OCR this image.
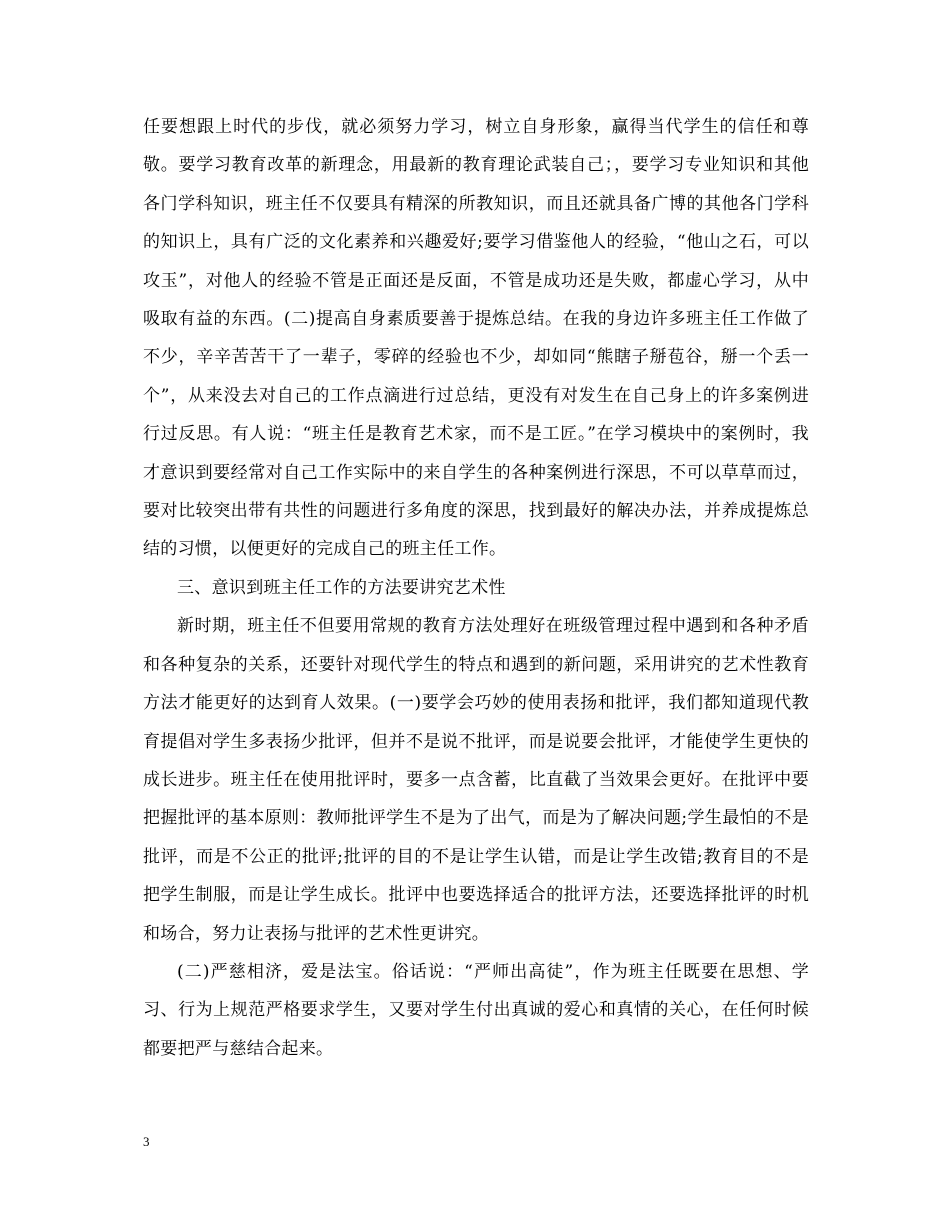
任要想跟上时代的步伐，就必须努力学习，树立自身形象，赢得当代学生的信任和尊敬。要学习教育改革的新理念，用最新的教育理论武装自己；，要学习专业知识和其他各门学科知识，班主任不仅要具有精深的所教知识，而且还就具备广博的其他各门学科的知识上，具有广泛的文化素养和兴趣爱好;要学习借鉴他人的经验，“他山之石，可以攻玉”，对他人的经验不管是正面还是反面，不管是成功还是失败，都虚心学习，从中吸取有益的东西。(二)提高自身素质要善于提炼总结。在我的身边许多班主任工作做了不少，辛辛苦苦干了一辈子，零碎的经验也不少，却如同“熊瞎子掰苞谷，掰一个丢一个”，从来没去对自己的工作点滴进行过总结，更没有对发生在自己身上的许多案例进行过反思。有人说：“班主任是教育艺术家，而不是工匠。”在学习模块中的案例时，我才意识到要经常对自己工作实际中的来自学生的各种案例进行深思，不可以草草而过，要对比较突出带有共性的问题进行多角度的深思，找到最好的解决办法，并养成提炼总结的习惯，以便更好的完成自己的班主任工作。

三、意识到班主任工作的方法要讲究艺术性

新时期，班主任不但要用常规的教育方法处理好在班级管理过程中遇到和各种矛盾和各种复杂的关系，还要针对现代学生的特点和遇到的新问题，采用讲究的艺术性教育方法才能更好的达到育人效果。(一)要学会巧妙的使用表扬和批评，我们都知道现代教育提倡对学生多表扬少批评，但并不是说不批评，而是说要会批评，才能使学生更快的成长进步。班主任在使用批评时，要多一点含蓄，比直截了当效果会更好。在批评中要把握批评的基本原则：教师批评学生不是为了出气，而是为了解决问题;学生最怕的不是批评，而是不公正的批评;批评的目的不是让学生认错，而是让学生改错;教育目的不是把学生制服，而是让学生成长。批评中也要选择适合的批评方法，还要选择批评的时机和场合，努力让表扬与批评的艺术性更讲究。

(二)严慈相济，爱是法宝。俗话说：“严师出高徒”，作为班主任既要在思想、学习、行为上规范严格要求学生，又要对学生付出真诚的爱心和真情的关心，在任何时候都要把严与慈结合起来。

3
